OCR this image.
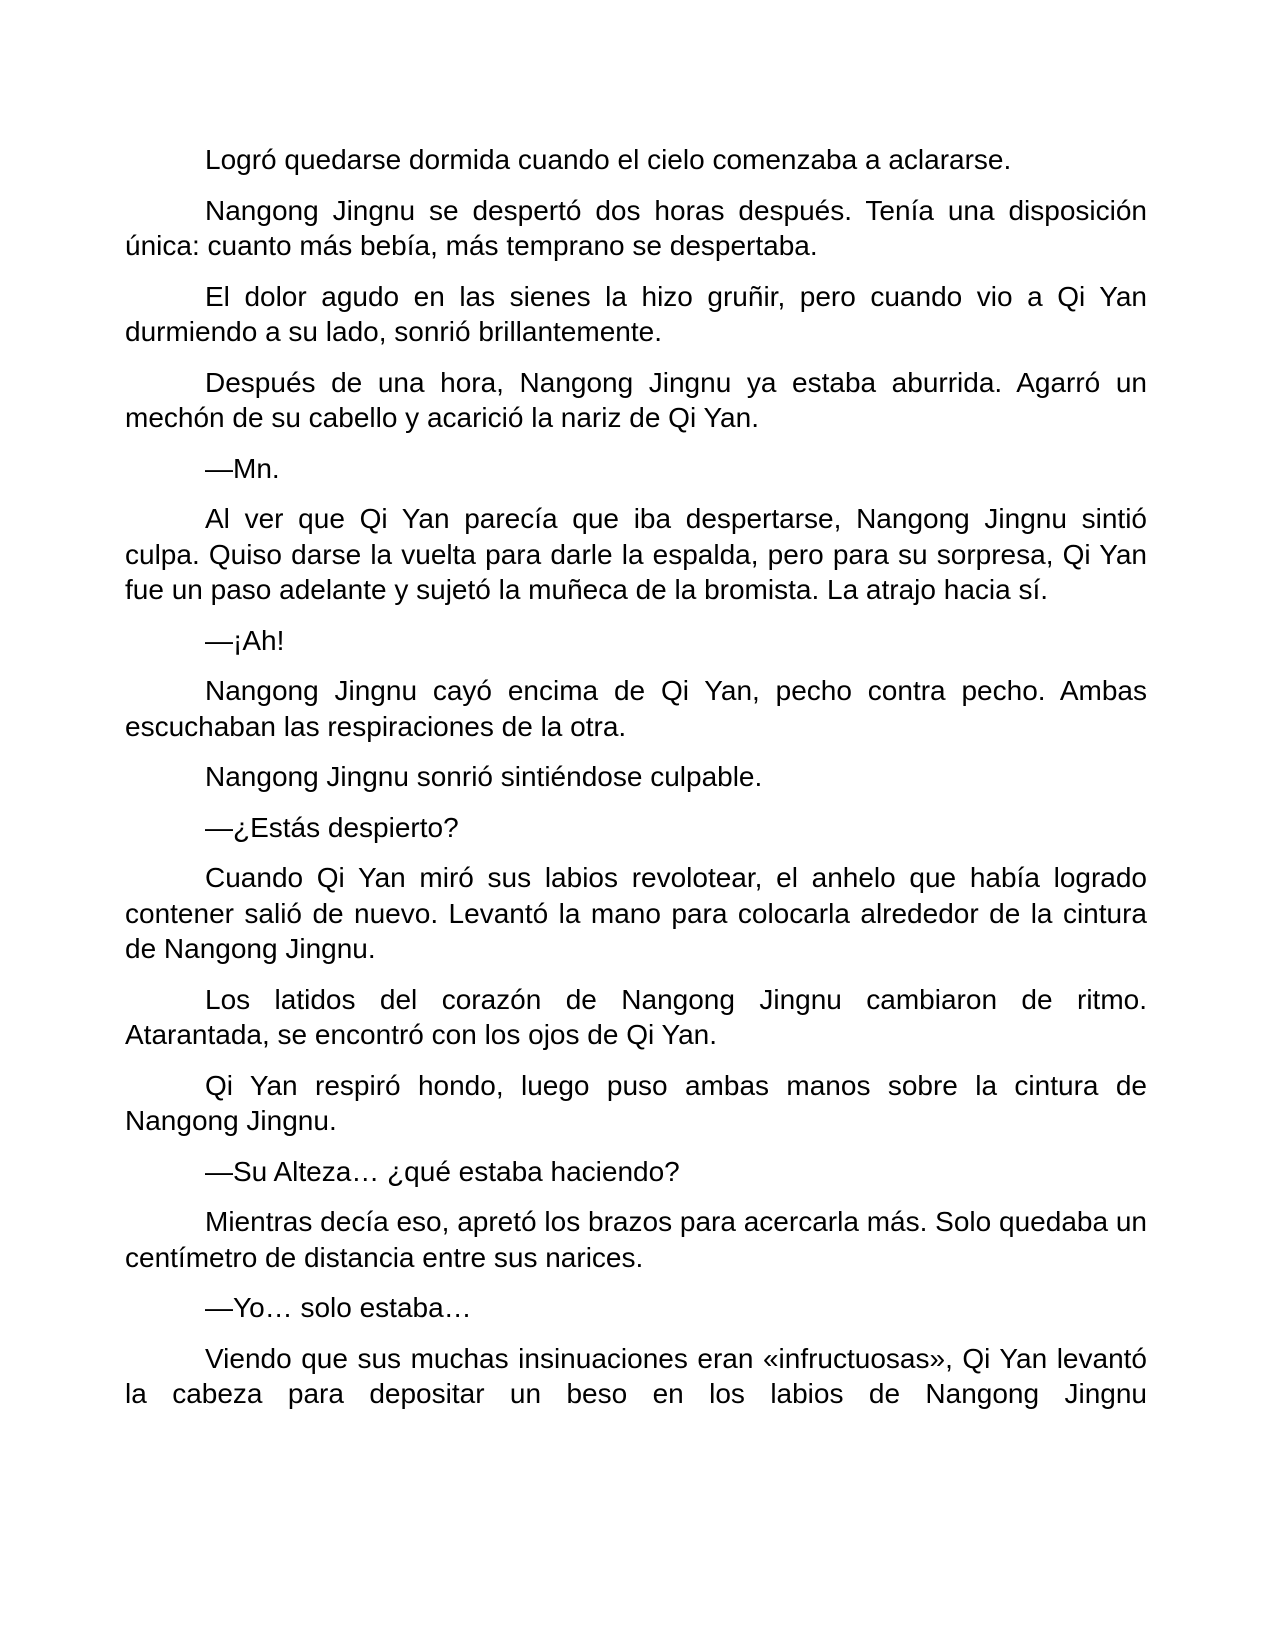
Logró quedarse dormida cuando el cielo comenzaba a aclararse.

Nangong Jingnu se despertó dos horas después. Tenía una disposición única: cuanto más bebía, más temprano se despertaba.

El dolor agudo en las sienes la hizo gruñir, pero cuando vio a Qi Yan durmiendo a su lado, sonrió brillantemente.

Después de una hora, Nangong Jingnu ya estaba aburrida. Agarró un mechón de su cabello y acarició la nariz de Qi Yan.

—Mn.

Al ver que Qi Yan parecía que iba despertarse, Nangong Jingnu sintió culpa. Quiso darse la vuelta para darle la espalda, pero para su sorpresa, Qi Yan fue un paso adelante y sujetó la muñeca de la bromista. La atrajo hacia sí.

—¡Ah!

Nangong Jingnu cayó encima de Qi Yan, pecho contra pecho. Ambas escuchaban las respiraciones de la otra.

Nangong Jingnu sonrió sintiéndose culpable.

—¿Estás despierto?

Cuando Qi Yan miró sus labios revolotear, el anhelo que había logrado contener salió de nuevo. Levantó la mano para colocarla alrededor de la cintura de Nangong Jingnu.

Los latidos del corazón de Nangong Jingnu cambiaron de ritmo. Atarantada, se encontró con los ojos de Qi Yan.

Qi Yan respiró hondo, luego puso ambas manos sobre la cintura de Nangong Jingnu.

—Su Alteza… ¿qué estaba haciendo?

Mientras decía eso, apretó los brazos para acercarla más. Solo quedaba un centímetro de distancia entre sus narices.

—Yo… solo estaba…

Viendo que sus muchas insinuaciones eran «infructuosas», Qi Yan levantó la cabeza para depositar un beso en los labios de Nangong Jingnu
